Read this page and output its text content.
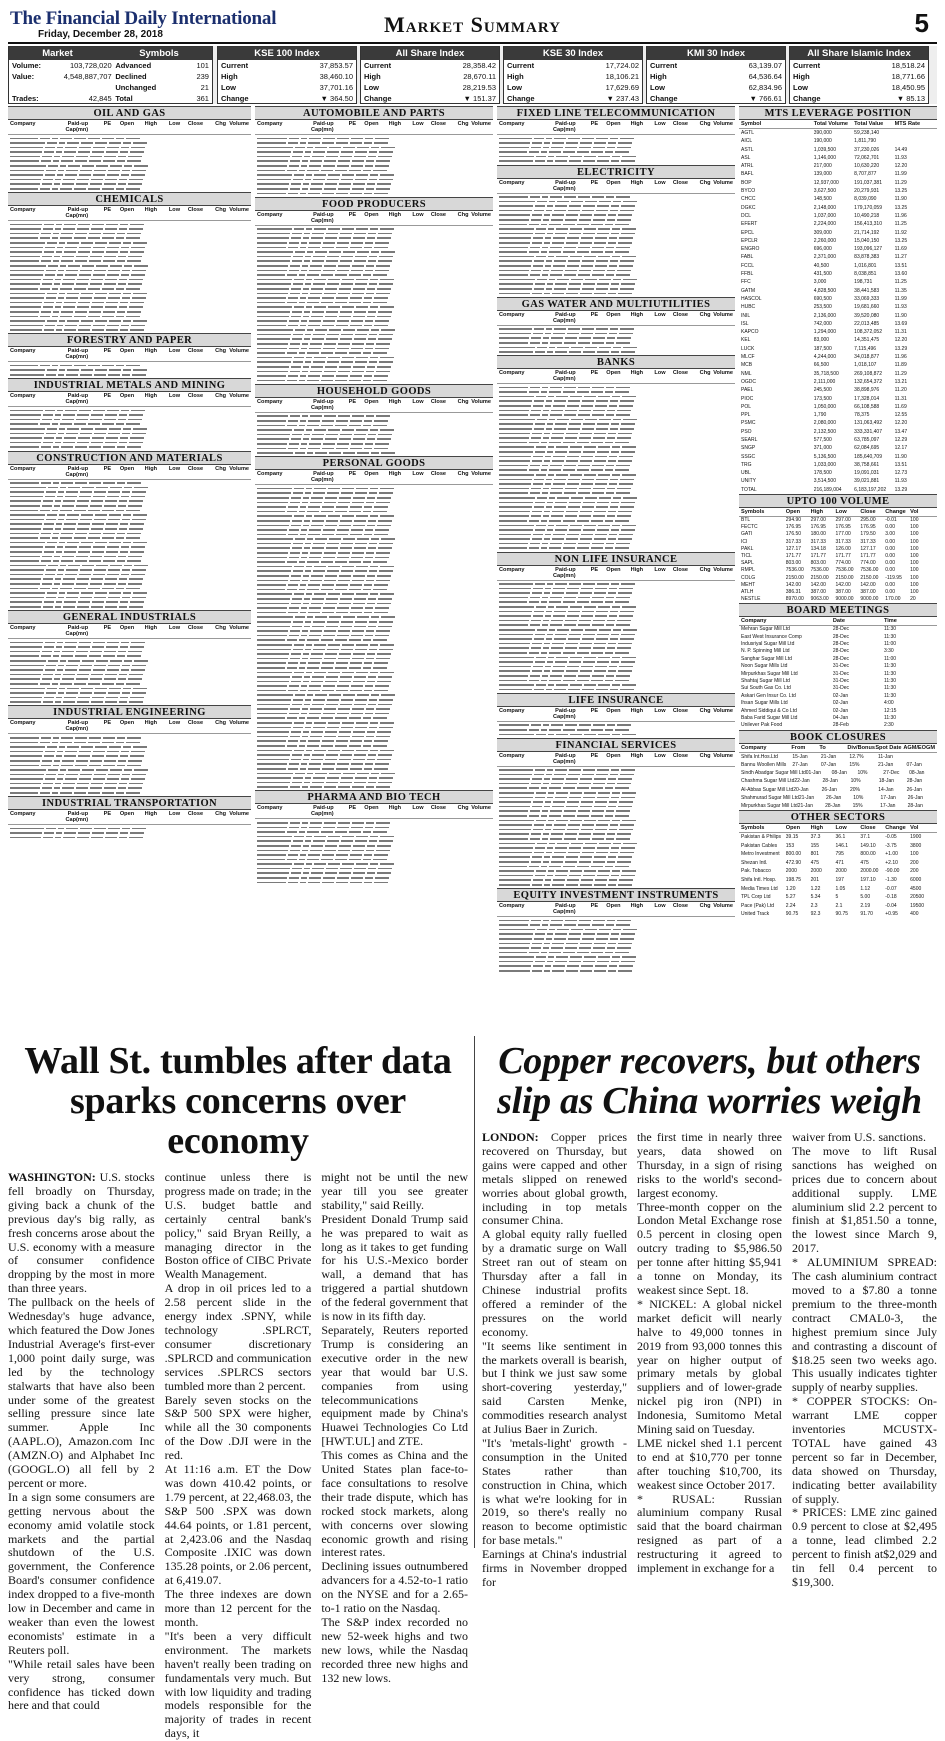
The Financial Daily International
Friday, December 28, 2018	Market Summary	5
Market	Symbols
Volume:	103,728,020 Advanced	101
Value:	4,548,887,707 Declined	239
Unchanged	21
Trades:	42,845 Total	361
KSE 100 Index
Current	37,853.57
High	38,460.10
Low	37,701.16
Change	▼ 364.50
All Share Index
Current	28,358.42
High	28,670.11
Low	28,219.53
Change	▼ 151.37
KSE 30 Index
Current	17,724.02
High	18,106.21
Low	17,629.69
Change	▼ 237.43
KMI 30 Index
Current	63,139.07
High	64,536.64
Low	62,834.96
Change	▼ 766.61
All Share Islamic Index
Current	18,518.24
High	18,771.66
Low	18,450.95
Change	▼ 85.13
OIL AND GAS
Company	Paid-up Cap(mn)
PE	Open	High	Low	Close	Chg Volume
CHEMICALS
Company	Paid-up Cap(mn)
PE	Open	High	Low	Close	Chg Volume
FORESTRY AND PAPER
Company	Paid-up Cap(mn)
PE	Open	High	Low	Close	Chg Volume
INDUSTRIAL METALS AND MINING
Company	Paid-up Cap(mn)
PE	Open	High	Low	Close	Chg Volume
CONSTRUCTION AND MATERIALS
Company	Paid-up Cap(mn)
PE	Open	High	Low	Close	Chg Volume
GENERAL INDUSTRIALS
Company	Paid-up Cap(mn)
PE	Open	High	Low	Close	Chg Volume
INDUSTRIAL ENGINEERING
Company	Paid-up Cap(mn)
PE	Open	High	Low	Close	Chg Volume
INDUSTRIAL TRANSPORTATION
Company	Paid-up Cap(mn)
PE	Open	High	Low	Close	Chg Volume
AUTOMOBILE AND PARTS
Company	Paid-up Cap(mn)
PE	Open	High	Low	Close	Chg Volume
FOOD PRODUCERS
Company	Paid-up Cap(mn)
PE	Open	High	Low	Close	Chg Volume
HOUSEHOLD GOODS
Company	Paid-up Cap(mn)
PE	Open	High	Low	Close	Chg Volume
PERSONAL GOODS
Company	Paid-up Cap(mn)
PE	Open	High	Low	Close	Chg Volume
PHARMA AND BIO TECH
Company	Paid-up Cap(mn)
PE	Open	High	Low	Close	Chg Volume
FIXED LINE TELECOMMUNICATION
Company	Paid-up Cap(mn)
PE	Open	High	Low	Close	Chg Volume
ELECTRICITY
Company	Paid-up Cap(mn)
PE	Open	High	Low	Close	Chg Volume
GAS WATER AND MULTIUTILITIES
Company	Paid-up Cap(mn)
PE	Open	High	Low	Close	Chg Volume
BANKS
Company	Paid-up Cap(mn)
PE	Open	High	Low	Close	Chg Volume
NON LIFE INSURANCE
Company	Paid-up Cap(mn)
PE	Open	High	Low	Close	Chg Volume
LIFE INSURANCE
Company	Paid-up Cap(mn)
PE	Open	High	Low	Close	Chg Volume
FINANCIAL SERVICES
Company	Paid-up Cap(mn)
PE	Open	High	Low	Close	Chg Volume
EQUITY INVESTMENT INSTRUMENTS
Company	Paid-up Cap(mn)
PE	Open	High	Low	Close	Chg Volume
MTS LEVERAGE POSITION
Symbol	Total Volume	Total Value	MTS Rate
AGTL	390,000	59,238,140
AICL	190,000	1,811,790
ASTL	1,039,500	37,230,026	14.49
ASL	1,146,000	72,062,701	11.93
ATRL	217,000	10,630,220	12.20
BAFL	139,000	8,707,877	11.99
BOP	12,937,000	191,037,381	11.29
BYCO	3,627,500	20,279,931	13.25
CHCC	148,500	8,039,090	11.90
DGKC	2,148,000	179,170,059	13.25
DCL	1,037,000	10,490,218	11.96
EFERT	2,224,000	156,413,310	11.25
EPCL	309,000	21,714,192	11.92
EPCLR	2,260,000	15,040,150	13.25
ENGRO	696,000	193,096,127	11.69
FABL	2,371,000	83,878,383	11.27
FCCL	40,500	1,016,801	13.51
FFBL	431,500	8,038,851	13.60
FFC	3,000	198,731	11.25
GATM	4,828,500	38,441,583	11.35
HASCOL	690,500	33,069,333	11.99
HUBC	253,500	19,681,660	11.93
INIL	2,136,000	39,520,080	11.90
ISL	742,000	22,013,485	13.69
KAPCO	1,294,000	108,372,052	11.31
KEL	83,000	14,351,475	12.20
LUCK	187,500	7,115,496	13.29
MLCF	4,244,000	34,018,877	11.96
MCB	66,500	1,018,107	11.89
NML	35,718,500	269,108,872	11.29
OGDC	2,111,000	132,654,372	13.21
PAEL	245,500	38,898,976	11.20
PIOC	173,500	17,328,014	11.31
POL	1,050,000	66,108,588	11.69
PPL	1,790	78,375	12.55
PSMC	2,080,000	131,063,492	12.20
PSO	2,132,500	333,331,407	13.47
SEARL	577,500	63,785,097	12.29
SNGP	371,000	62,084,695	12.17
SSGC	5,136,500	185,640,709	11.90
TRG	1,033,000	38,758,661	13.51
UBL	178,500	19,091,031	12.73
UNITY	3,514,500	39,021,881	11.93
TOTAL	216,189,004	6,183,197,202	13.29
UPTO 100 VOLUME
Symbols	Open	High	Low	Close	Change Vol
BTL	294.90	297.00	297.00	295.00	-0.01	100
FECTC	176.95	176.95	176.95	176.95	0.00	100
GATI	176.50	180.00	177.00	179.50	3.00	100
ICI	317.33	317.33	317.33	317.33	0.00	100
PAKL	127.17	134.18	126.00	127.17	0.00	100
TICL	171.77	171.77	171.77	171.77	0.00	100
SAPL	803.00	803.00	774.00	774.00	0.00	100
RMPL	7536.00	7536.00	7536.00	7536.00	0.00	100
COLG	2150.00	2150.00	2150.00	2150.00	-119.95	100
MEHT	142.00	142.00	142.00	142.00	0.00	100
ATLH	386.31	387.00	387.00	387.00	0.00	100
NESTLE	8970.00	9063.00	9000.00	9000.00	170.00	20
BOARD MEETINGS
Company	Date	Time
Mehran Sugar Mill Ltd	28-Dec	11:30
East West Insurance Comp	28-Dec	11:30
Indusriyal Sugar Mill Ltd	28-Dec	11:00
N. P. Spinning Mill Ltd	28-Dec	3:30
Sanghar Sugar Mill Ltd	28-Dec	11:00
Noon Sugar Mills Ltd	31-Dec	11:30
Mirpurkhas Sugar Mill Ltd	31-Dec	11:30
Shahtaj Sugar Mill Ltd	31-Dec	11:30
Sui South Gas Co. Ltd	31-Dec	11:30
Askari Gen Insur Co. Ltd	02-Jan	11:30
Ihsan Sugar Mills Ltd	02-Jan	4:00
Ahmed Siddiqui & Co Ltd	02-Jan	12:15
Baba Farid Sugar Mill Ltd	04-Jan	11:30
Unilever Pak Food	28-Feb	2:30
BOOK CLOSURES
Company	From	To	Div/Bonus Spot Date AGM/EOGM
Shifa Int.Hos.Ltd	15-Jan	21-Jan	12.7%	11-Jan
Bannu Woollen Mills	27-Jan	07-Jan	15%	21-Jan	07-Jan
Sindh Abadgar Sugar Mill Ltd 01-Jan	08-Jan	10%	27-Dec	08-Jan
Chashma Sugar Mill Ltd 22-Jan	28-Jan	10%	18-Jan	28-Jan
Al-Abbas Sugar Mill Ltd 20-Jan	26-Jan	20%	14-Jan	26-Jan
Shahmurad Sugar Mill Ltd 21-Jan	26-Jan	10%	17-Jan	26-Jan
Mirpurkhas Sugar Mill Ltd 21-Jan	28-Jan	15%	17-Jan	28-Jan
OTHER SECTORS
Symbols	Open	High	Low	Close	Change Vol
Pakistan & Philips 39.15	37.3	36.1	37.1	-0.05	1900
Pakistan Cables	153	155	146.1	149.10	-3.75	3800
Metro Investment	800.00	801	795	800.00	+1.00	100
Shezan Intl.	472.90	475	471	475	+2.10	200
Pak. Tobacco	2000	2000	2000	2000.00	-90.00	200
Shifa Intl. Hosp.	198.75	201	197	197.10	-1.30	6000
Media Times Ltd	1.20	1.22	1.05	1.12	-0.07	4500
TPL Corp Ltd	5.27	5.34	5	5.00	-0.18	20500
Pace (Pak) Ltd	2.24	2.3	2.1	2.19	-0.04	19500
United Track	90.75	92.3	90.75	91.70	+0.95	400
Wall St. tumbles after data sparks concerns over economy

WASHINGTON: U.S. stocks fell broadly on Thursday, giving back a chunk of the previous day's big rally, as fresh concerns arose about the U.S. economy with a measure of consumer confidence dropping by the most in more than three years.

The pullback on the heels of Wednesday's huge advance, which featured the Dow Jones Industrial Average's first-ever 1,000 point daily surge, was led by the technology stalwarts that have also been under some of the greatest selling pressure since late summer. Apple Inc (AAPL.O), Amazon.com Inc (AMZN.O) and Alphabet Inc (GOOGL.O) all fell by 2 percent or more.

In a sign some consumers are getting nervous about the economy amid volatile stock markets and the partial shutdown of the U.S. government, the Conference Board's consumer confidence index dropped to a five-month low in December and came in weaker than even the lowest economists' estimate in a Reuters poll.

"While retail sales have been very strong, consumer confidence has ticked down here and that could

continue unless there is progress made on trade; in the U.S. budget battle and certainly central bank's policy," said Bryan Reilly, a managing director in the Boston office of CIBC Private Wealth Management.

A drop in oil prices led to a 2.58 percent slide in the energy index .SPNY, while technology .SPLRCT, consumer discretionary .SPLRCD and communication services .SPLRCS sectors tumbled more than 2 percent.

Barely seven stocks on the S&P 500 SPX were higher, while all the 30 components of the Dow .DJI were in the red.

At 11:16 a.m. ET the Dow was down 410.42 points, or 1.79 percent, at 22,468.03, the S&P 500 .SPX was down 44.64 points, or 1.81 percent, at 2,423.06 and the Nasdaq Composite .IXIC was down 135.28 points, or 2.06 percent, at 6,419.07.

The three indexes are down more than 12 percent for the month.

"It's been a very difficult environment. The markets haven't really been trading on fundamentals very much. But with low liquidity and trading models responsible for the majority of trades in recent days, it

might not be until the new year till you see greater stability," said Reilly.

President Donald Trump said he was prepared to wait as long as it takes to get funding for his U.S.-Mexico border wall, a demand that has triggered a partial shutdown of the federal government that is now in its fifth day.

Separately, Reuters reported Trump is considering an executive order in the new year that would bar U.S. companies from using telecommunications equipment made by China's Huawei Technologies Co Ltd [HWT.UL] and ZTE.

This comes as China and the United States plan face-to-face consultations to resolve their trade dispute, which has rocked stock markets, along with concerns over slowing economic growth and rising interest rates.

Declining issues outnumbered advancers for a 4.52-to-1 ratio on the NYSE and for a 2.65-to-1 ratio on the Nasdaq.

The S&P index recorded no new 52-week highs and two new lows, while the Nasdaq recorded three new highs and 132 new lows.

Copper recovers, but others slip as China worries weigh

LONDON: Copper prices recovered on Thursday, but gains were capped and other metals slipped on renewed worries about global growth, including in top metals consumer China.

A global equity rally fuelled by a dramatic surge on Wall Street ran out of steam on Thursday after a fall in Chinese industrial profits offered a reminder of the pressures on the world economy.

"It seems like sentiment in the markets overall is bearish, but I think we just saw some short-covering yesterday," said Carsten Menke, commodities research analyst at Julius Baer in Zurich.

"It's 'metals-light' growth - consumption in the United States rather than construction in China, which is what we're looking for in 2019, so there's really no reason to become optimistic for base metals."

Earnings at China's industrial firms in November dropped for

the first time in nearly three years, data showed on Thursday, in a sign of rising risks to the world's second-largest economy.

Three-month copper on the London Metal Exchange rose 0.5 percent in closing open outcry trading to $5,986.50 per tonne after hitting $5,941 a tonne on Monday, its weakest since Sept. 18.

* NICKEL: A global nickel market deficit will nearly halve to 49,000 tonnes in 2019 from 93,000 tonnes this year on higher output of primary metals by global suppliers and of lower-grade nickel pig iron (NPI) in Indonesia, Sumitomo Metal Mining said on Tuesday.

LME nickel shed 1.1 percent to end at $10,770 per tonne after touching $10,700, its weakest since October 2017.

* RUSAL: Russian aluminium company Rusal said that the board chairman resigned as part of a restructuring it agreed to implement in exchange for a

waiver from U.S. sanctions.

The move to lift Rusal sanctions has weighed on prices due to concern about additional supply. LME aluminium slid 2.2 percent to finish at $1,851.50 a tonne, the lowest since March 9, 2017.

* ALUMINIUM SPREAD: The cash aluminium contract moved to a $7.80 a tonne premium to the three-month contract CMAL0-3, the highest premium since July and contrasting a discount of $18.25 seen two weeks ago. This usually indicates tighter supply of nearby supplies.

* COPPER STOCKS: On-warrant LME copper inventories MCUSTX-TOTAL have gained 43 percent so far in December, data showed on Thursday, indicating better availability of supply.

* PRICES: LME zinc gained 0.9 percent to close at $2,495 a tonne, lead climbed 2.2 percent to finish at$2,029 and tin fell 0.4 percent to $19,300.
